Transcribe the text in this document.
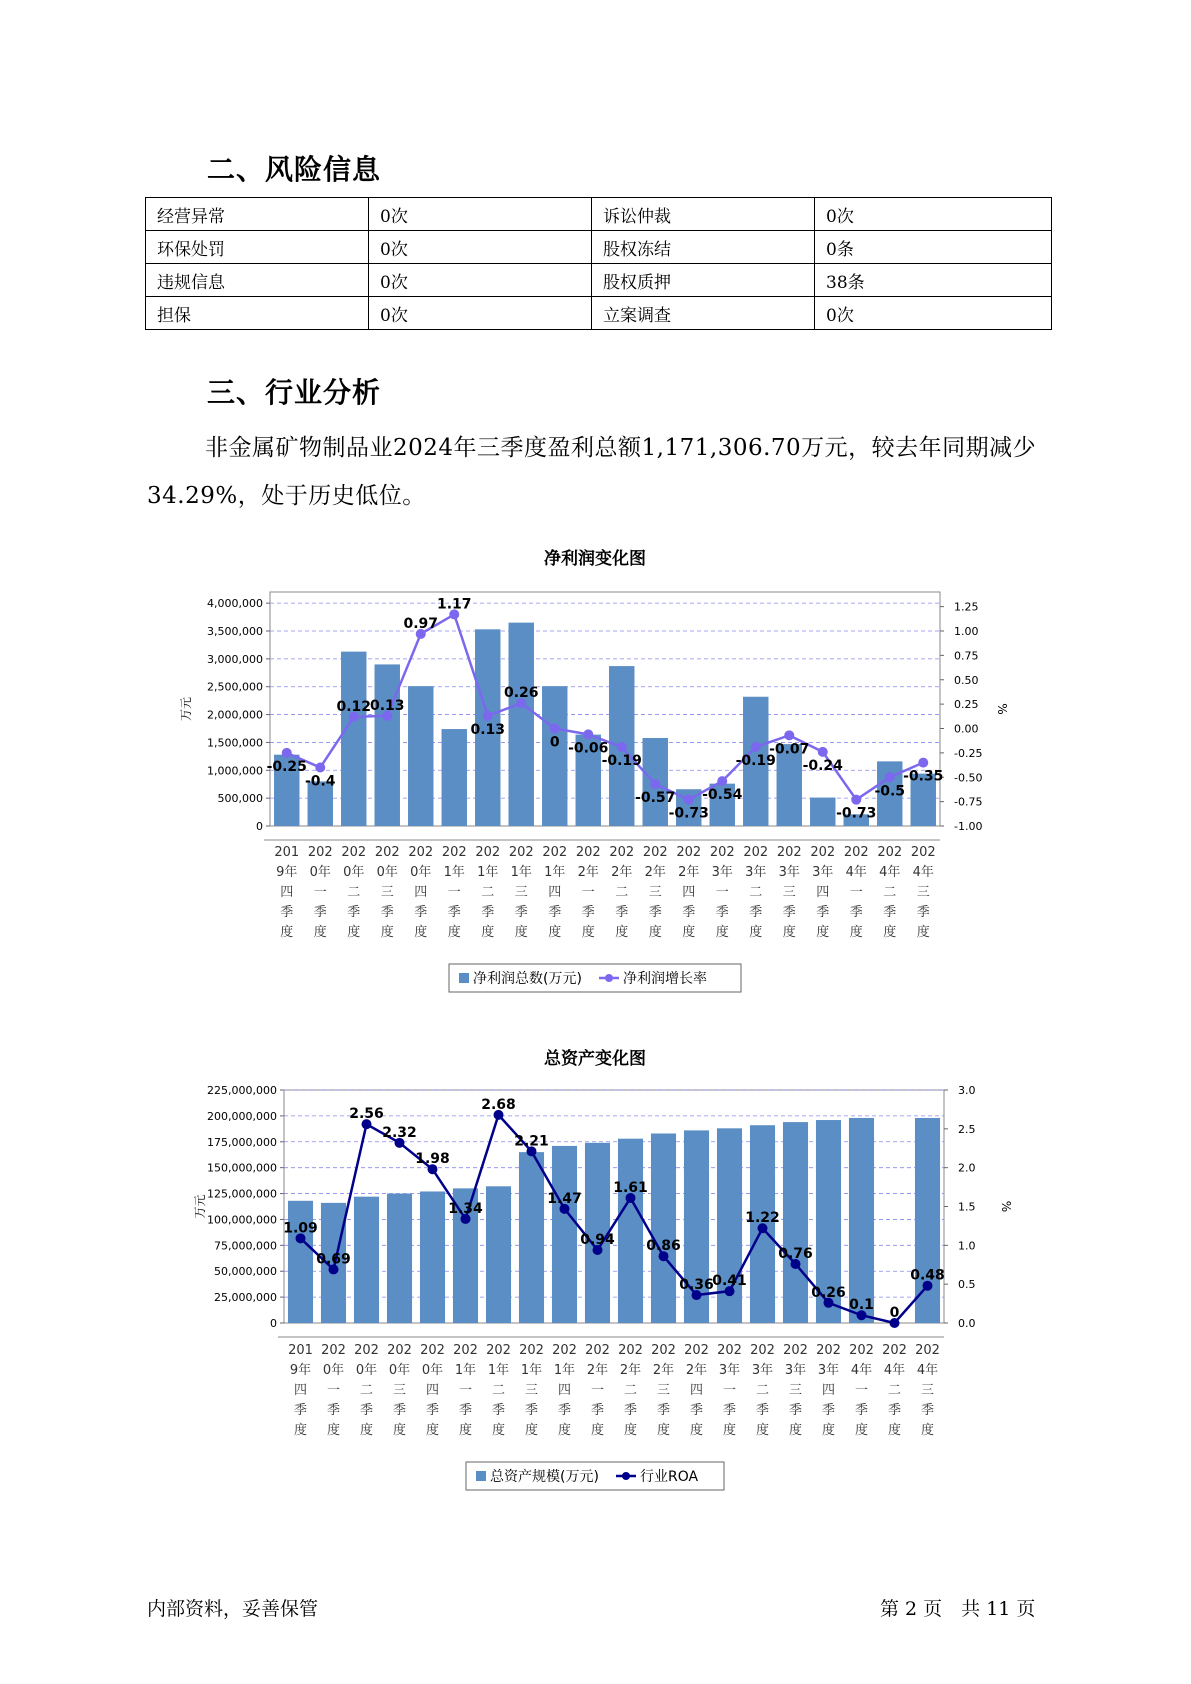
二、风险信息
经营异常	0次	诉讼仲裁	0次
环保处罚	0次	股权冻结	0条
违规信息	0次	股权质押	38条
担保	0次	立案调查	0次
三、行业分析
非金属矿物制品业2024年三季度盈利总额1,171,306.70万元，较去年同期减少34.29%，处于历史低位。
净利润变化图
0
500,000
1,000,000
1,500,000
2,000,000
2,500,000
3,000,000
3,500,000
4,000,000
-1.00
-0.75
-0.50
-0.25
0.00
0.25
0.50
0.75
1.00
1.25
万元	%
201
9年
四
季
度
202
0年
一
季
度
202
0年
二
季
度
202
0年
三
季
度
202
0年
四
季
度
202
1年
一
季
度
202
1年
二
季
度
202
1年
三
季
度
202
1年
四
季
度
202
2年
一
季
度
202
2年
二
季
度
202
2年
三
季
度
202
2年
四
季
度
202
3年
一
季
度
202
3年
二
季
度
202
3年
三
季
度
202
3年
四
季
度
202
4年
一
季
度
202
4年
二
季
度
202
4年
三
季
度
-0.25
-0.4
0.12
0.13
0.97
1.17
0.13
0.26
0 -0.06
-0.19
-0.57
-0.73
-0.54
-0.19
-0.07
-0.24
-0.73
-0.5
-0.35
净利润总数(万元)	净利润增长率
总资产变化图
0
25,000,000
50,000,000
75,000,000
100,000,000
125,000,000
150,000,000
175,000,000
200,000,000
225,000,000
0.0
0.5
1.0
1.5
2.0
2.5
3.0
万元	%
201
9年
四
季
度
202
0年
一
季
度
202
0年
二
季
度
202
0年
三
季
度
202
0年
四
季
度
202
1年
一
季
度
202
1年
二
季
度
202
1年
三
季
度
202
1年
四
季
度
202
2年
一
季
度
202
2年
二
季
度
202
2年
三
季
度
202
2年
四
季
度
202
3年
一
季
度
202
3年
二
季
度
202
3年
三
季
度
202
3年
四
季
度
202
4年
一
季
度
202
4年
二
季
度
202
4年
三
季
度
1.09
0.69
2.56
2.32
1.98
1.34
2.68
2.21
1.47
0.94
1.61
0.86
0.36
0.41
1.22
0.76
0.26
0.1 0
0.48
总资产规模(万元)	行业ROA
内部资料，妥善保管	第 2 页　共 11 页
